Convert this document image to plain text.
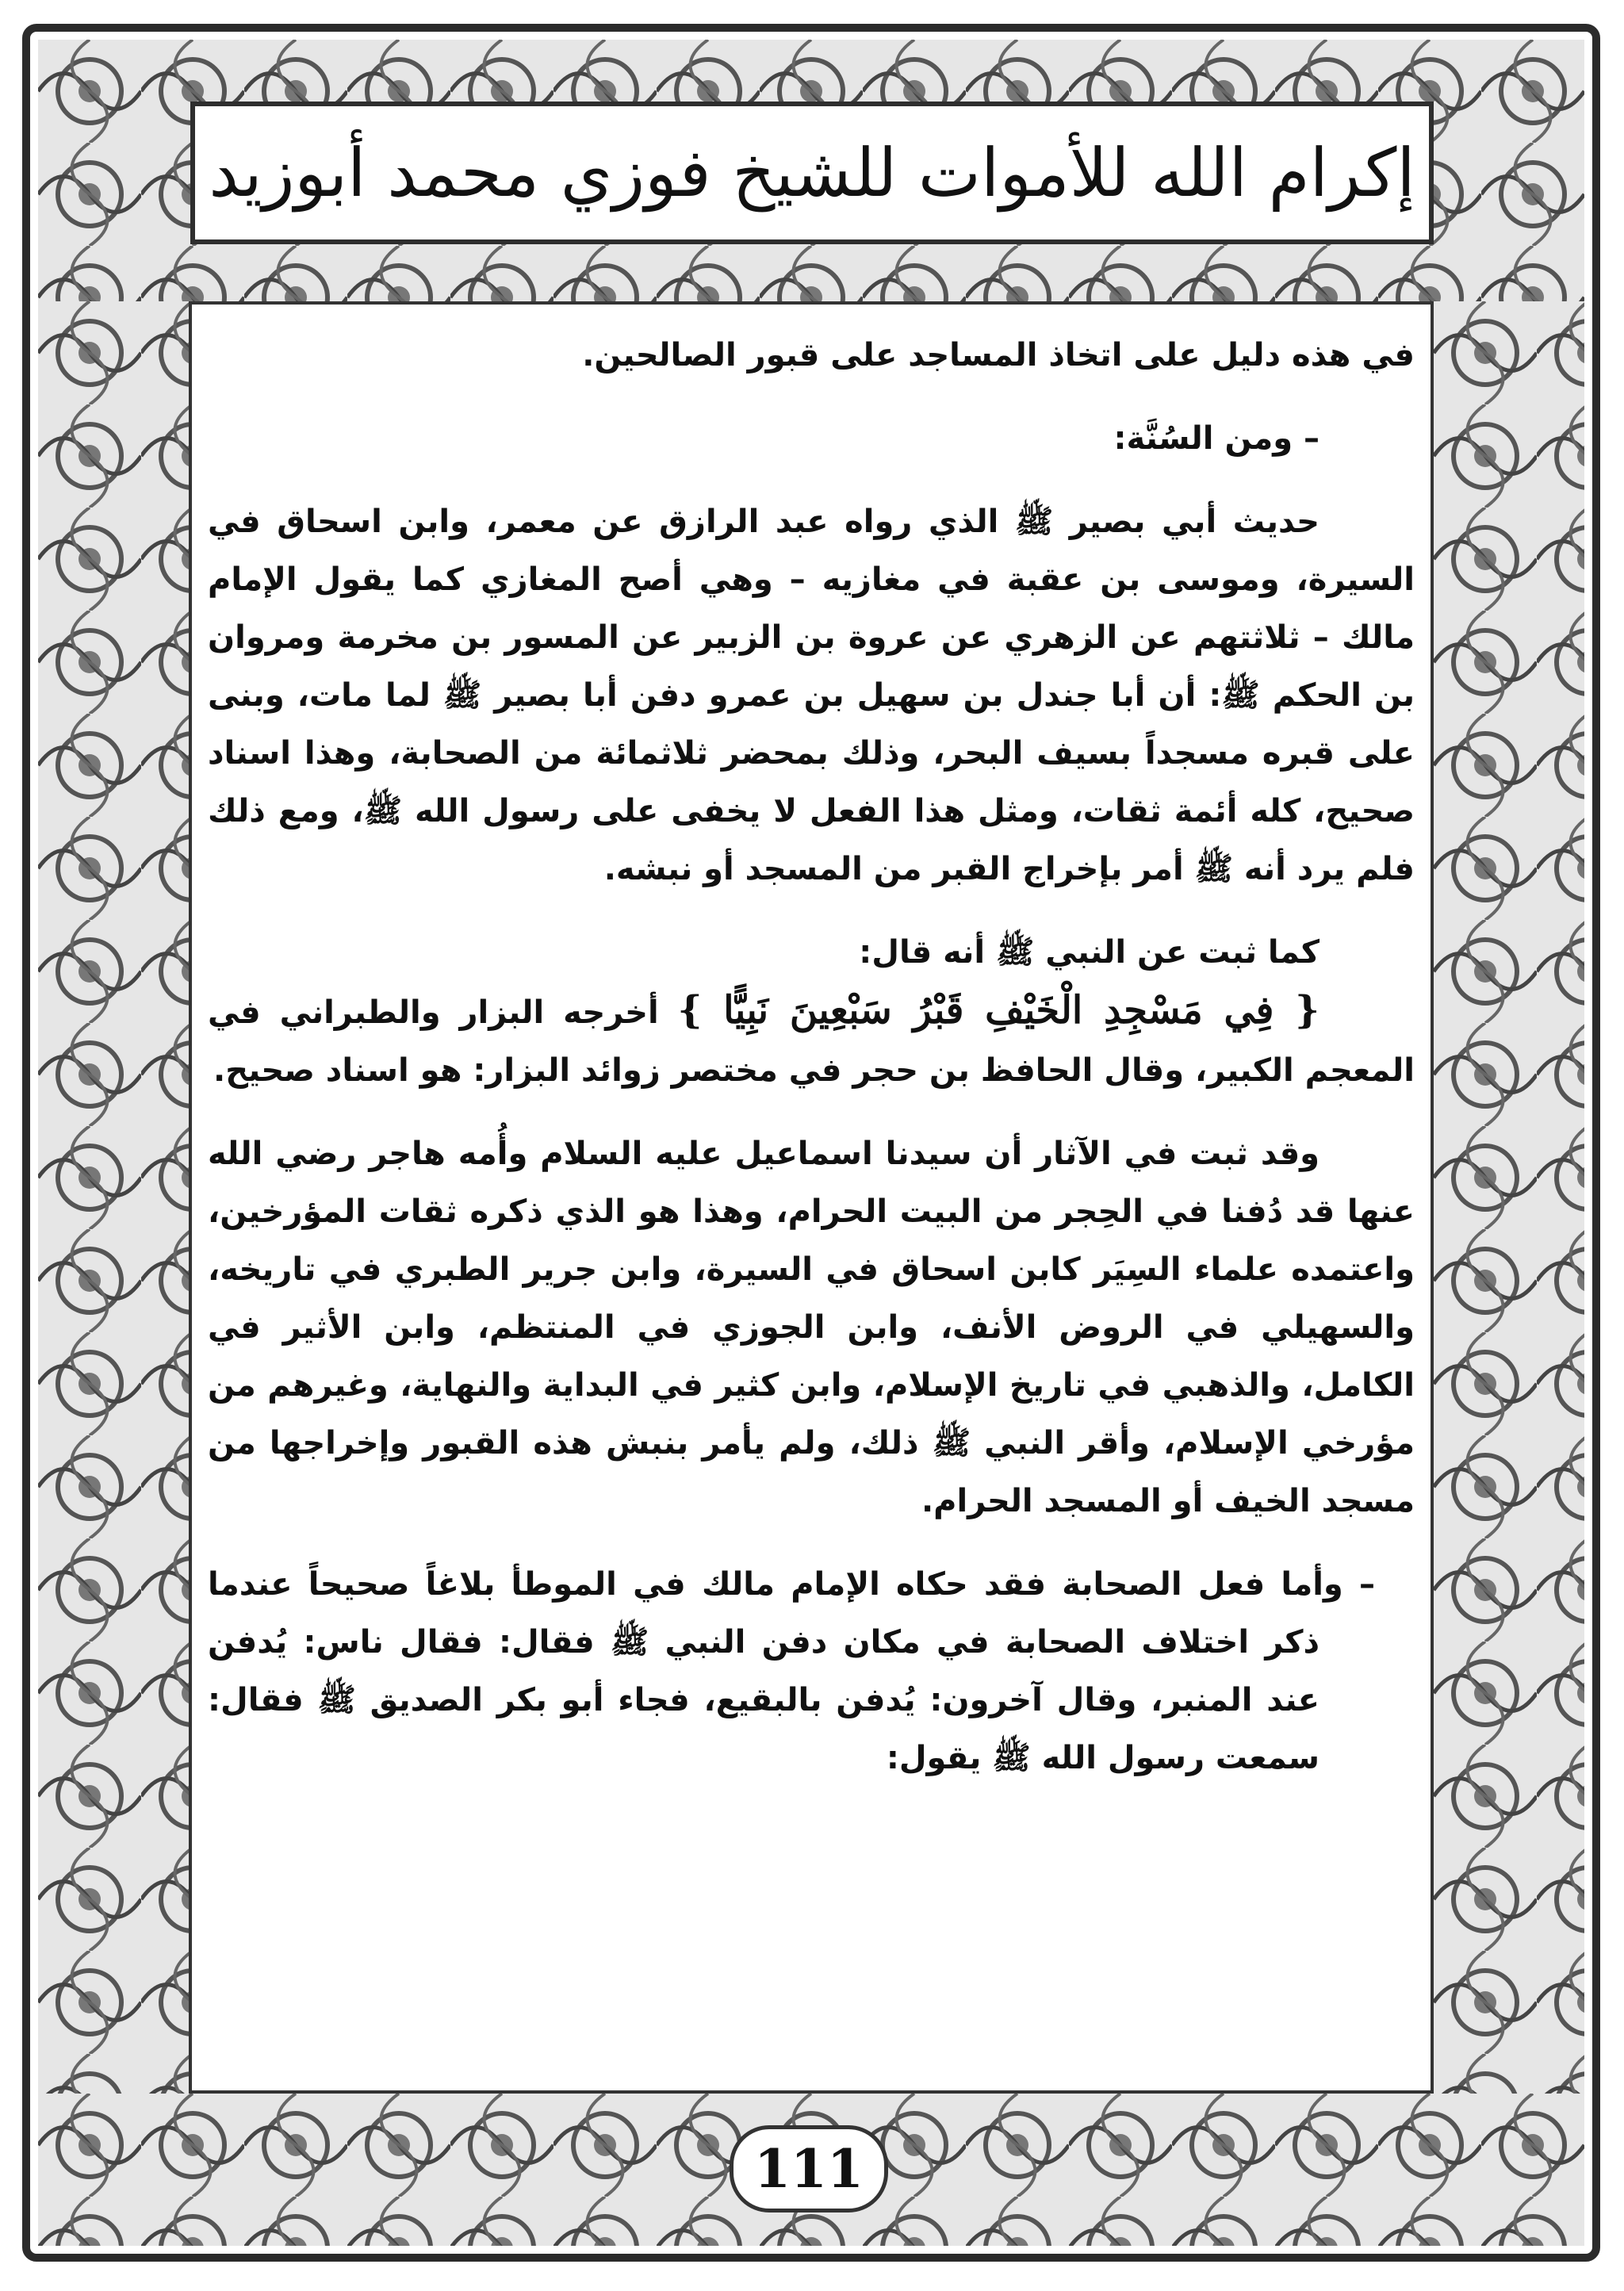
إكرام الله للأموات للشيخ فوزي محمد أبوزيد

في هذه دليل على اتخاذ المساجد على قبور الصالحين.

– ومن السُنَّة:

حديث أبي بصير ﷺ الذي رواه عبد الرازق عن معمر، وابن اسحاق في السيرة، وموسى بن عقبة في مغازيه – وهي أصح المغازي كما يقول الإمام مالك – ثلاثتهم عن الزهري عن عروة بن الزبير عن المسور بن مخرمة ومروان بن الحكم ﷺ: أن أبا جندل بن سهيل بن عمرو دفن أبا بصير ﷺ لما مات، وبنى على قبره مسجداً بسيف البحر، وذلك بمحضر ثلاثمائة من الصحابة، وهذا اسناد صحيح، كله أئمة ثقات، ومثل هذا الفعل لا يخفى على رسول الله ﷺ، ومع ذلك فلم يرد أنه ﷺ أمر بإخراج القبر من المسجد أو نبشه.

كما ثبت عن النبي ﷺ أنه قال:

{ فِي مَسْجِدِ الْخَيْفِ قَبْرُ سَبْعِينَ نَبِيًّا } أخرجه البزار والطبراني في المعجم الكبير، وقال الحافظ بن حجر في مختصر زوائد البزار: هو اسناد صحيح.

وقد ثبت في الآثار أن سيدنا اسماعيل عليه السلام وأُمه هاجر رضي الله عنها قد دُفنا في الحِجر من البيت الحرام، وهذا هو الذي ذكره ثقات المؤرخين، واعتمده علماء السِيَر كابن اسحاق في السيرة، وابن جرير الطبري في تاريخه، والسهيلي في الروض الأنف، وابن الجوزي في المنتظم، وابن الأثير في الكامل، والذهبي في تاريخ الإسلام، وابن كثير في البداية والنهاية، وغيرهم من مؤرخي الإسلام، وأقر النبي ﷺ ذلك، ولم يأمر بنبش هذه القبور وإخراجها من مسجد الخيف أو المسجد الحرام.

– وأما فعل الصحابة فقد حكاه الإمام مالك في الموطأ بلاغاً صحيحاً عندما ذكر اختلاف الصحابة في مكان دفن النبي ﷺ فقال: فقال ناس: يُدفن عند المنبر، وقال آخرون: يُدفن بالبقيع، فجاء أبو بكر الصديق ﷺ فقال: سمعت رسول الله ﷺ يقول:

111
